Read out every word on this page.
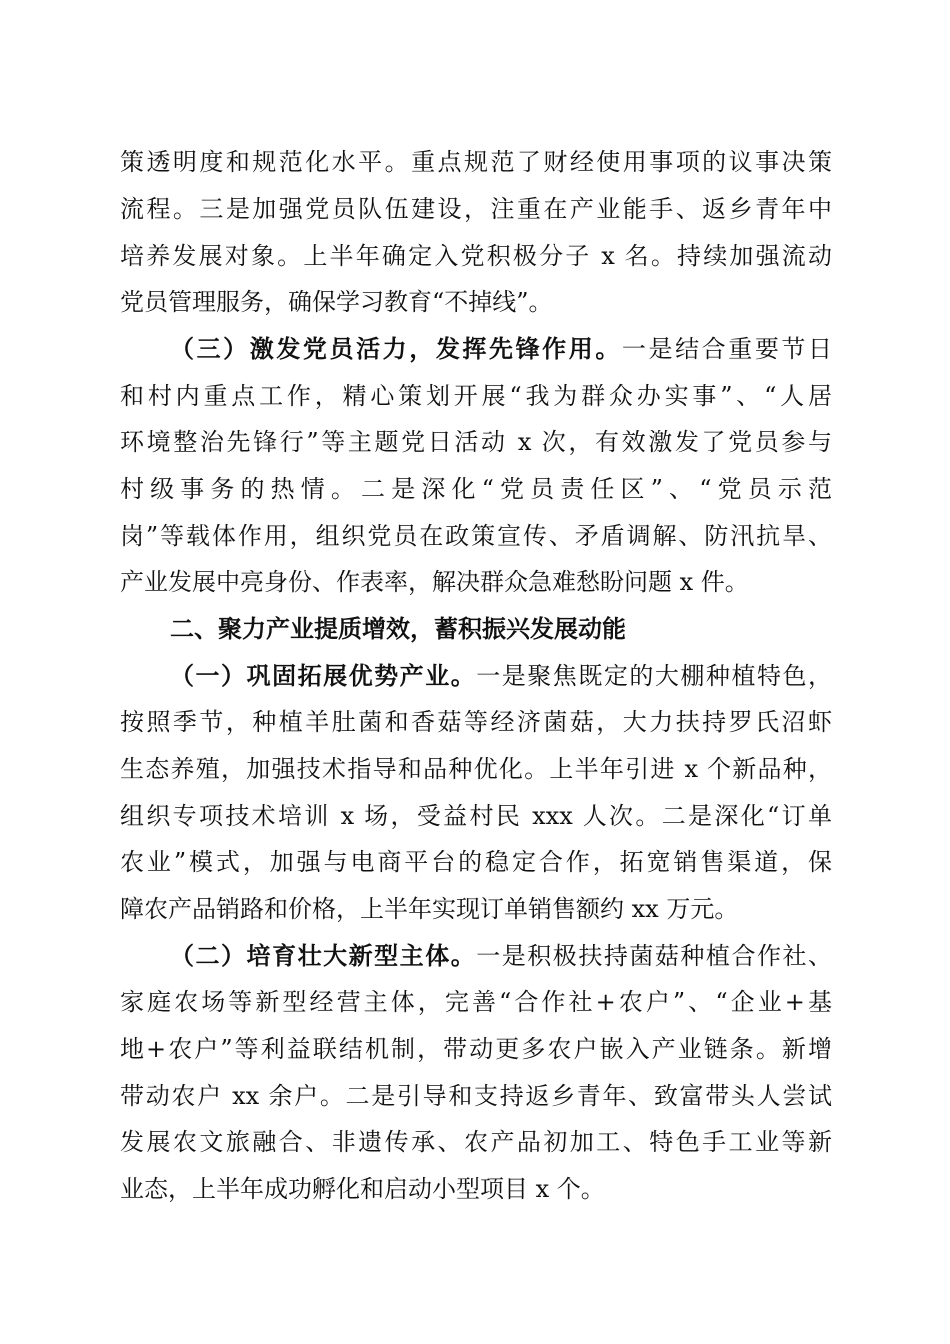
策透明度和规范化水平。重点规范了财经使用事项的议事决策
流程。三是加强党员队伍建设，注重在产业能手、返乡青年中
培养发展对象。上半年确定入党积极分子 x 名。持续加强流动
党员管理服务，确保学习教育“不掉线”。
（三）激发党员活力，发挥先锋作用。一是结合重要节日
和村内重点工作，精心策划开展“我为群众办实事”、“人居
环境整治先锋行”等主题党日活动 x 次，有效激发了党员参与
村级事务的热情。二是深化“党员责任区”、“党员示范
岗”等载体作用，组织党员在政策宣传、矛盾调解、防汛抗旱、
产业发展中亮身份、作表率，解决群众急难愁盼问题 x 件。
二、聚力产业提质增效，蓄积振兴发展动能
（一）巩固拓展优势产业。一是聚焦既定的大棚种植特色，
按照季节，种植羊肚菌和香菇等经济菌菇，大力扶持罗氏沼虾
生态养殖，加强技术指导和品种优化。上半年引进 x 个新品种，
组织专项技术培训 x 场，受益村民 xxx 人次。二是深化“订单
农业”模式，加强与电商平台的稳定合作，拓宽销售渠道，保
障农产品销路和价格，上半年实现订单销售额约 xx 万元。
（二）培育壮大新型主体。一是积极扶持菌菇种植合作社、
家庭农场等新型经营主体，完善“合作社+农户”、“企业+基
地+农户”等利益联结机制，带动更多农户嵌入产业链条。新增
带动农户 xx 余户。二是引导和支持返乡青年、致富带头人尝试
发展农文旅融合、非遗传承、农产品初加工、特色手工业等新
业态，上半年成功孵化和启动小型项目 x 个。
